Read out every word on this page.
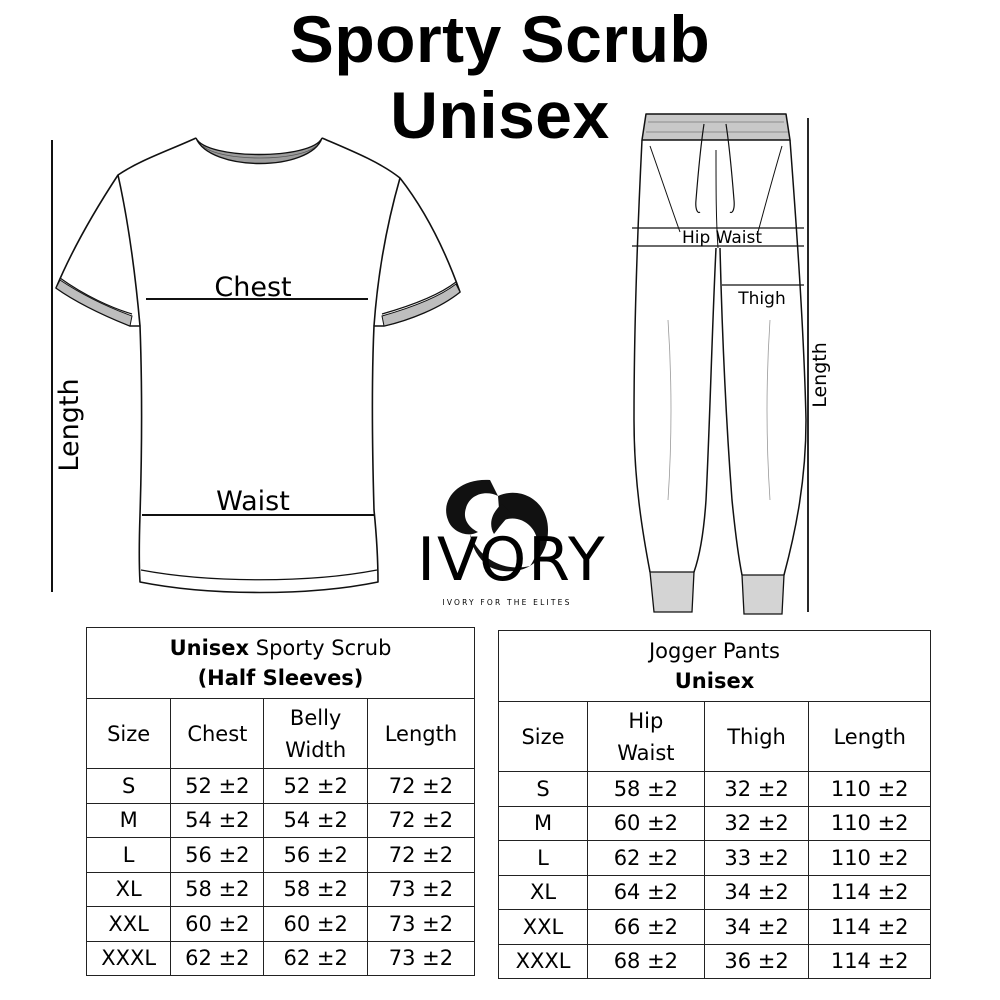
Sporty Scrub
Unisex
Chest
Waist
Length
Hip Waist
Thigh
Length
IVORY
IVORY FOR THE ELITES
Unisex Sporty Scrub
(Half Sleeves)			
Size	Chest	Belly Width	Length
S	52 ±2	52 ±2	72 ±2
M	54 ±2	54 ±2	72 ±2
L	56 ±2	56 ±2	72 ±2
XL	58 ±2	58 ±2	73 ±2
XXL	60 ±2	60 ±2	73 ±2
XXXL	62 ±2	62 ±2	73 ±2
Jogger Pants
Unisex			
Size	Hip Waist	Thigh	Length
S	58 ±2	32 ±2	110 ±2
M	60 ±2	32 ±2	110 ±2
L	62 ±2	33 ±2	110 ±2
XL	64 ±2	34 ±2	114 ±2
XXL	66 ±2	34 ±2	114 ±2
XXXL	68 ±2	36 ±2	114 ±2
